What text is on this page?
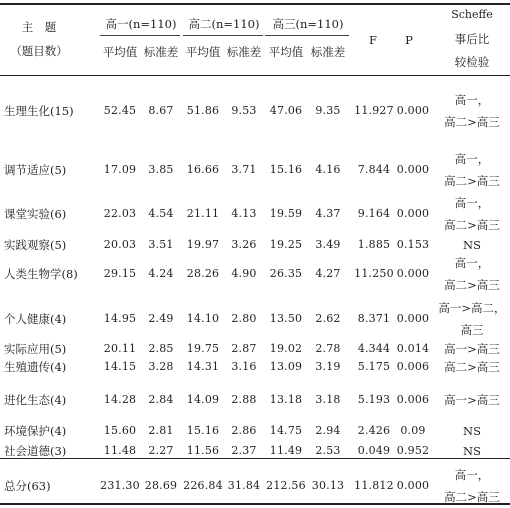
主　题
（题目数）
高一(n=110)	高二(n=110)	高三(n=110)
平均值 标准差 平均值 标准差 平均值 标准差
F	P
Scheffe
事后比
较检验
生理生化(15)	52.45	8.67	51.86	9.53	47.06	9.35	11.927 0.000
高一，
高二>高三
调节适应(5)	17.09	3.85	16.66	3.71	15.16	4.16	7.844 0.000
高一，
高二>高三
课堂实验(6)	22.03	4.54	21.11	4.13	19.59	4.37	9.164 0.000
高一，
高二>高三
实践观察(5)	20.03	3.51	19.97	3.26	19.25	3.49	1.885 0.153	NS
人类生物学(8)	29.15	4.24	28.26	4.90	26.35	4.27	11.250 0.000
高一，
高二>高三
个人健康(4)	14.95	2.49	14.10	2.80	13.50	2.62	8.371 0.000
高一>高二，
高三
实际应用(5)	20.11	2.85	19.75	2.87	19.02	2.78	4.344 0.014	高一>高三
生殖遗传(4)	14.15	3.28	14.31	3.16	13.09	3.19	5.175 0.006	高二>高三
进化生态(4)	14.28	2.84	14.09	2.88	13.18	3.18	5.193 0.006	高一>高三
环境保护(4)	15.60	2.81	15.16	2.86	14.75	2.94	2.426 0.09	NS
社会道德(3)	11.48	2.27	11.56	2.37	11.49	2.53	0.049 0.952	NS
总分(63)	231.30 28.69 226.84 31.84 212.56 30.13 11.812 0.000
高一，
高二>高三
